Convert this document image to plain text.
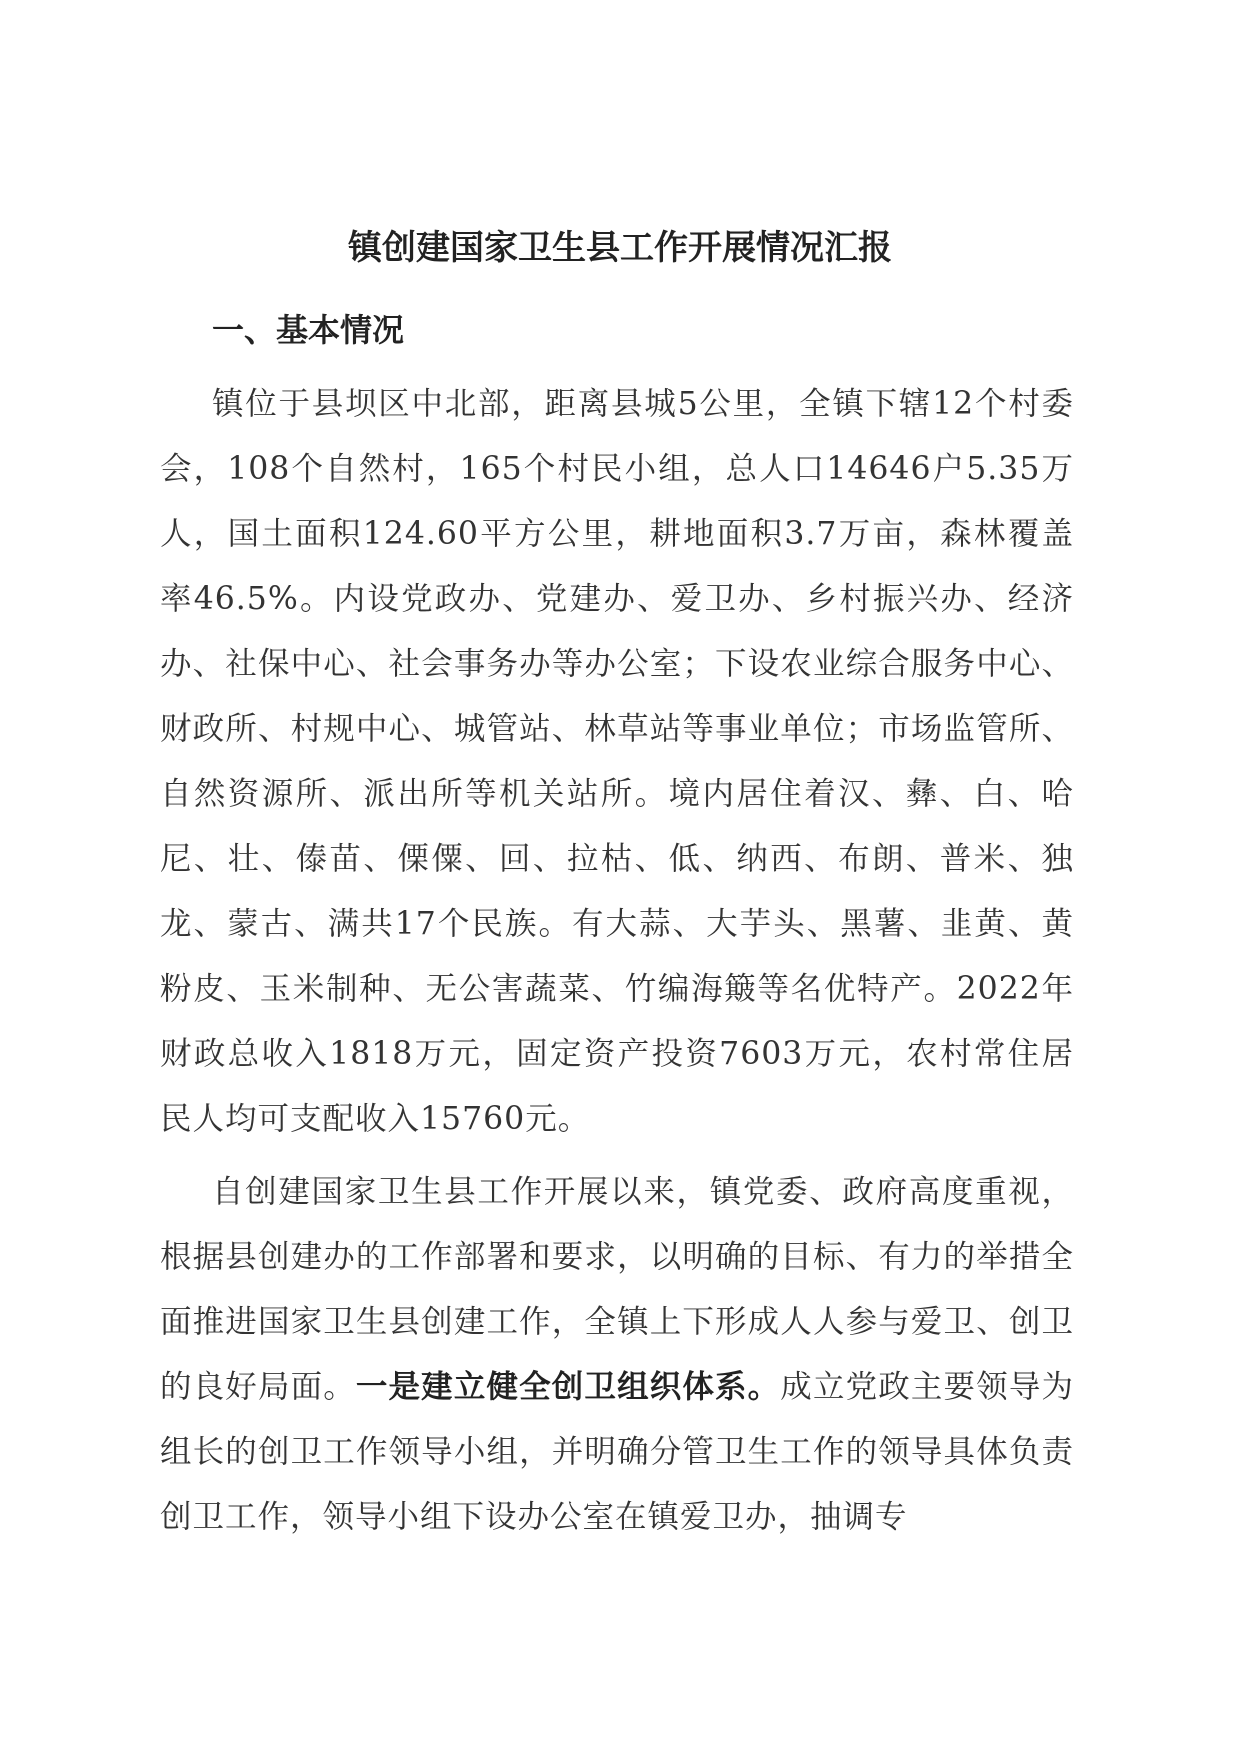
镇创建国家卫生县工作开展情况汇报
一、基本情况
镇位于县坝区中北部，距离县城5公里，全镇下辖12个村委会，108个自然村，165个村民小组，总人口14646户5.35万人，国土面积124.60平方公里，耕地面积3.7万亩，森林覆盖率46.5%。内设党政办、党建办、爱卫办、乡村振兴办、经济办、社保中心、社会事务办等办公室；下设农业综合服务中心、财政所、村规中心、城管站、林草站等事业单位；市场监管所、自然资源所、派出所等机关站所。境内居住着汉、彝、白、哈尼、壮、傣苗、傈僳、回、拉枯、低、纳西、布朗、普米、独龙、蒙古、满共17个民族。有大蒜、大芋头、黑薯、韭黄、黄粉皮、玉米制种、无公害蔬菜、竹编海簸等名优特产。2022年财政总收入1818万元，固定资产投资7603万元，农村常住居民人均可支配收入15760元。
自创建国家卫生县工作开展以来，镇党委、政府高度重视，根据县创建办的工作部署和要求，以明确的目标、有力的举措全面推进国家卫生县创建工作，全镇上下形成人人参与爱卫、创卫的良好局面。一是建立健全创卫组织体系。成立党政主要领导为组长的创卫工作领导小组，并明确分管卫生工作的领导具体负责创卫工作，领导小组下设办公室在镇爱卫办，抽调专
